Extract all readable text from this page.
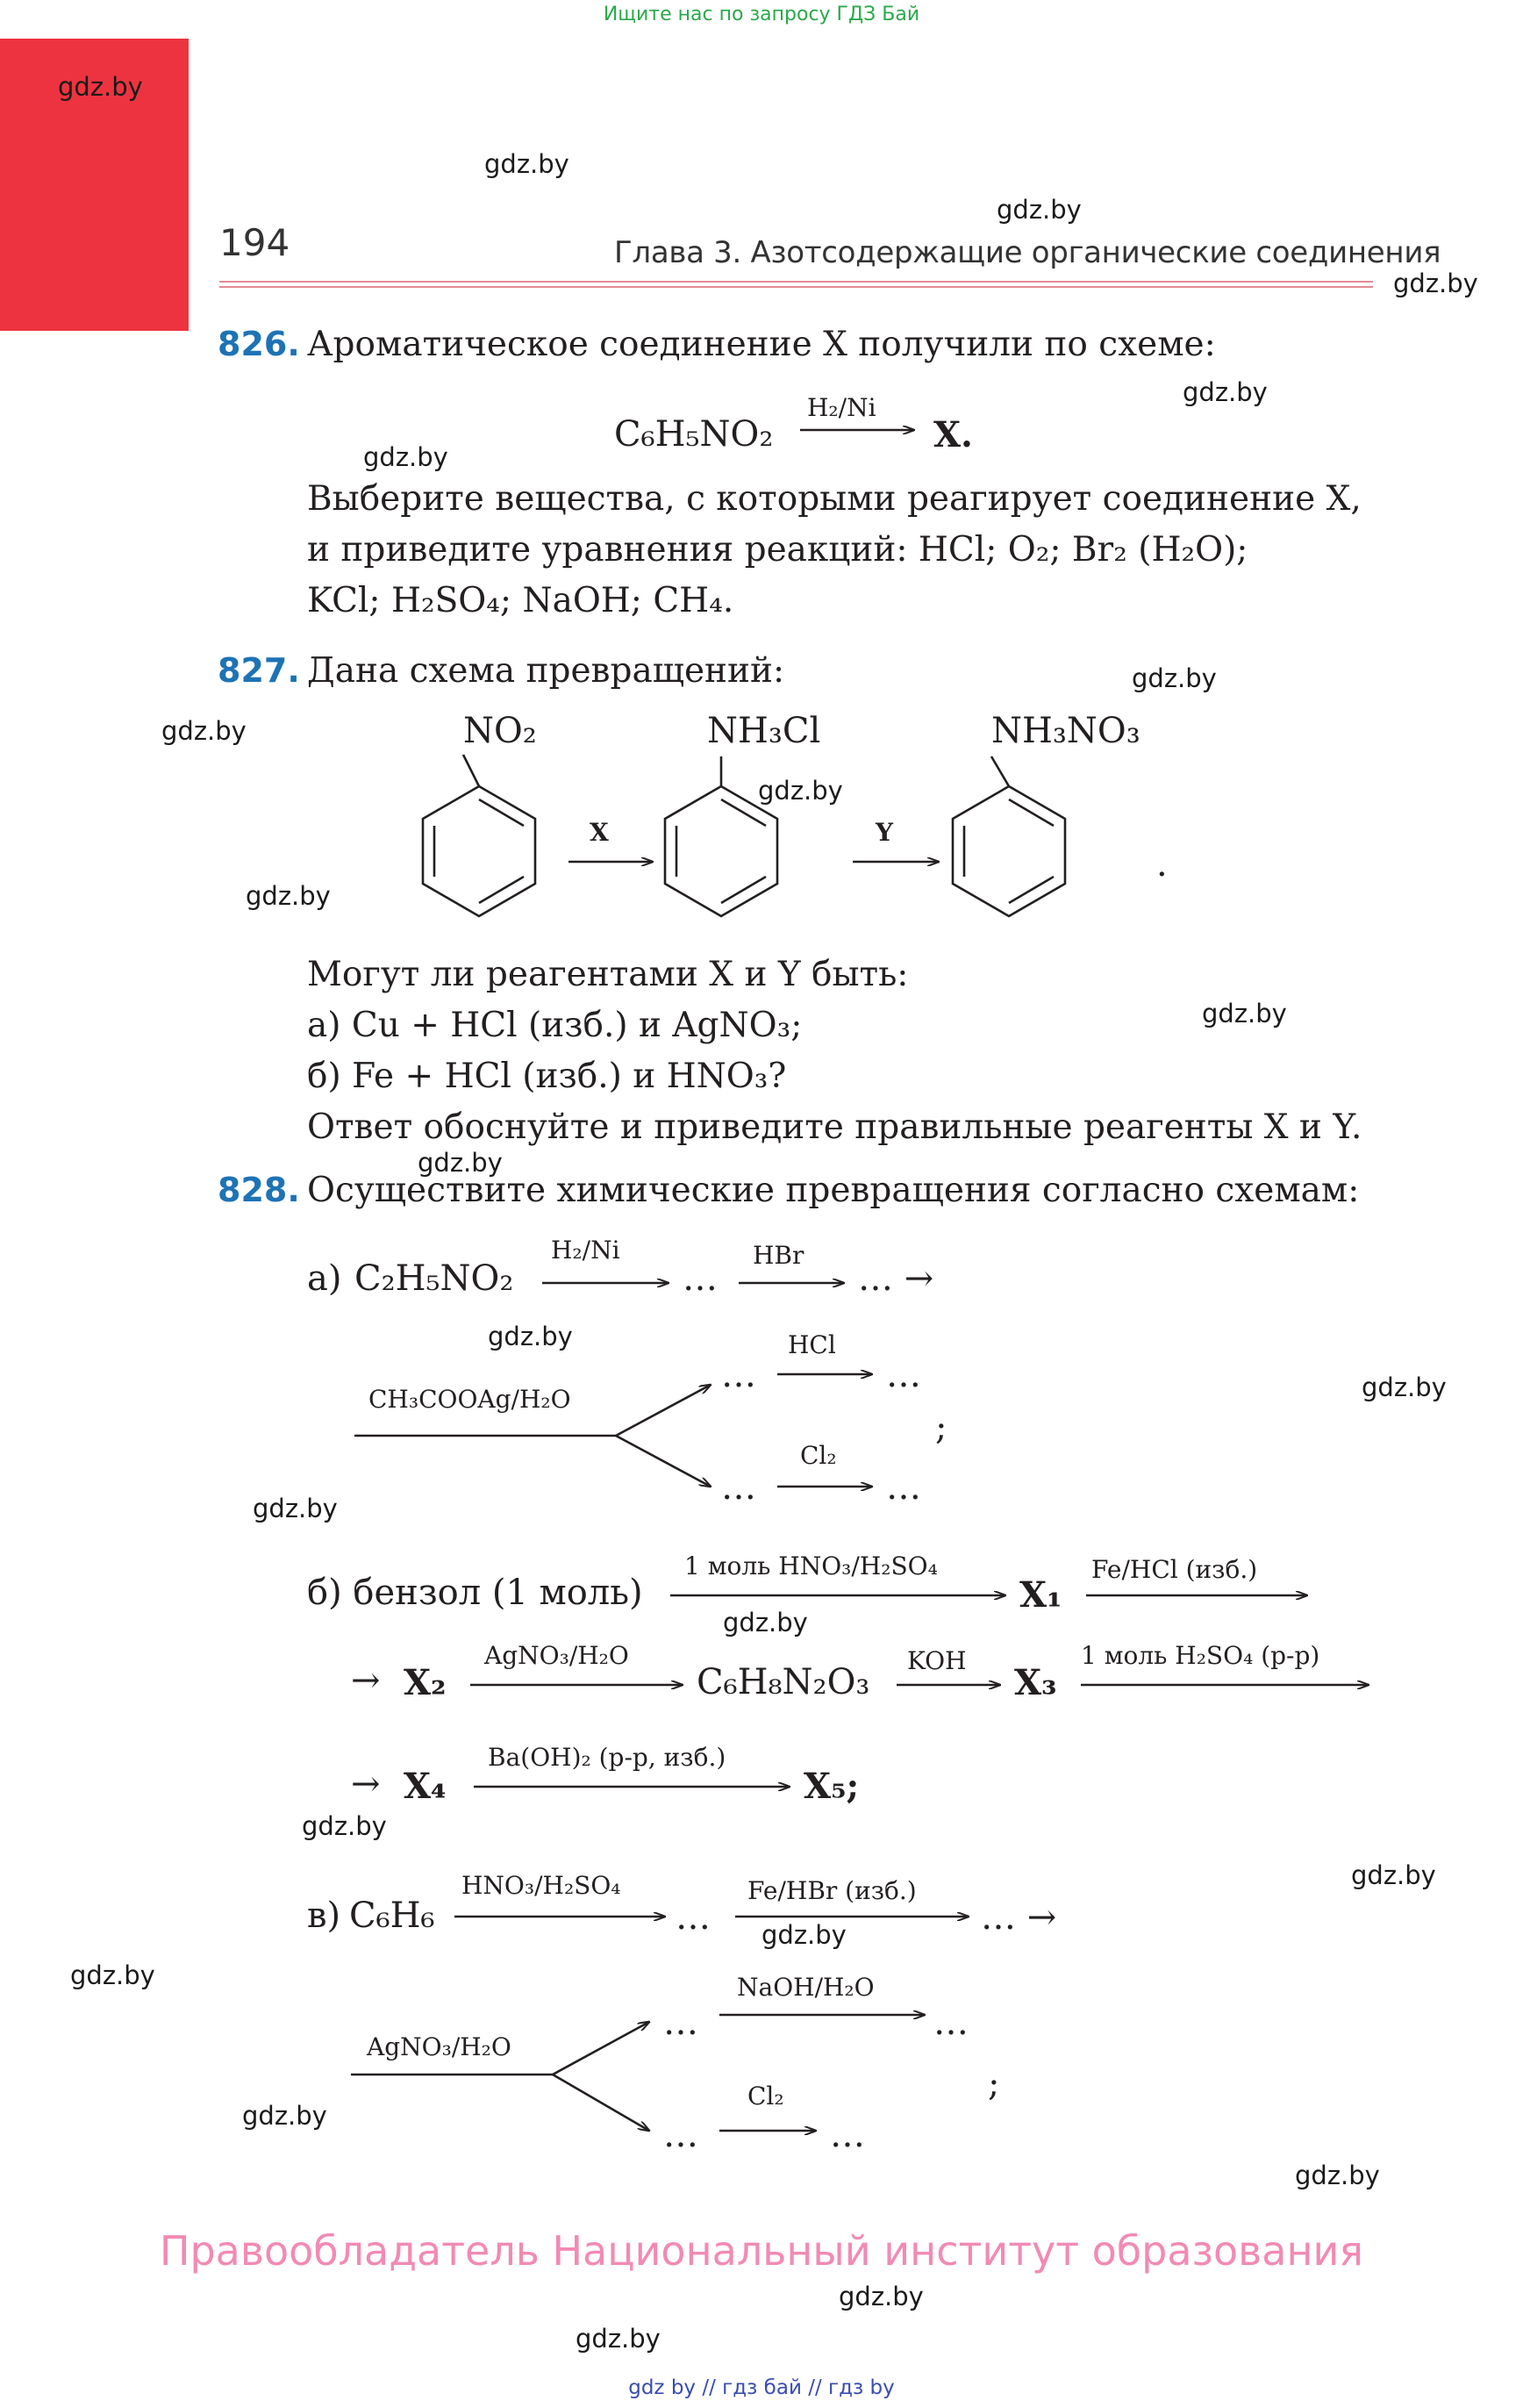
Ищите нас по запросу ГДЗ Бай
194	Глава 3. Азотсодержащие органические соединения
gdz.by
gdz.by
gdz.by
gdz.by
gdz.by
gdz.by
gdz.by
gdz.by
gdz.by
gdz.by
gdz.by
gdz.by
gdz.by
gdz.by
gdz.by
gdz.by
gdz.by
gdz.by
gdz.by
gdz.by
gdz.by
gdz.by
gdz.by
gdz.by
826. Ароматическое соединение X получили по схеме:
H₂/Ni
C₆H₅NO₂	X.
Выберите вещества, с которыми реагирует соединение X,
и приведите уравнения реакций: HCl; O₂; Br₂ (H₂O);
KCl; H₂SO₄; NaOH; CH₄.
827. Дана схема превращений:
NO₂	NH₃Cl	NH₃NO₃
X	Y
.
Могут ли реагентами X и Y быть:
а) Cu + HCl (изб.) и AgNO₃;
б) Fe + HCl (изб.) и HNO₃?
Ответ обоснуйте и приведите правильные реагенты X и Y.
828. Осуществите химические превращения согласно схемам:
а) C₂H₅NO₂
H₂/Ni
…
HBr
… →
CH₃COOAg/H₂O
…
HCl
…
;
…
Cl₂
…
б) бензол (1 моль)
1 моль HNO₃/H₂SO₄
X₁
Fe/HCl (изб.)
→ X₂
AgNO₃/H₂O
C₆H₈N₂O₃
KOH
X₃
1 моль H₂SO₄ (р-р)
→ X₄
Ba(OH)₂ (р-р, изб.)
X₅;
в) C₆H₆
HNO₃/H₂SO₄
…
Fe/HBr (изб.)
… →
AgNO₃/H₂O
…
NaOH/H₂O
…
;
…
Cl₂
…
Правообладатель Национальный институт образования
gdz by // гдз бай // гдз by
